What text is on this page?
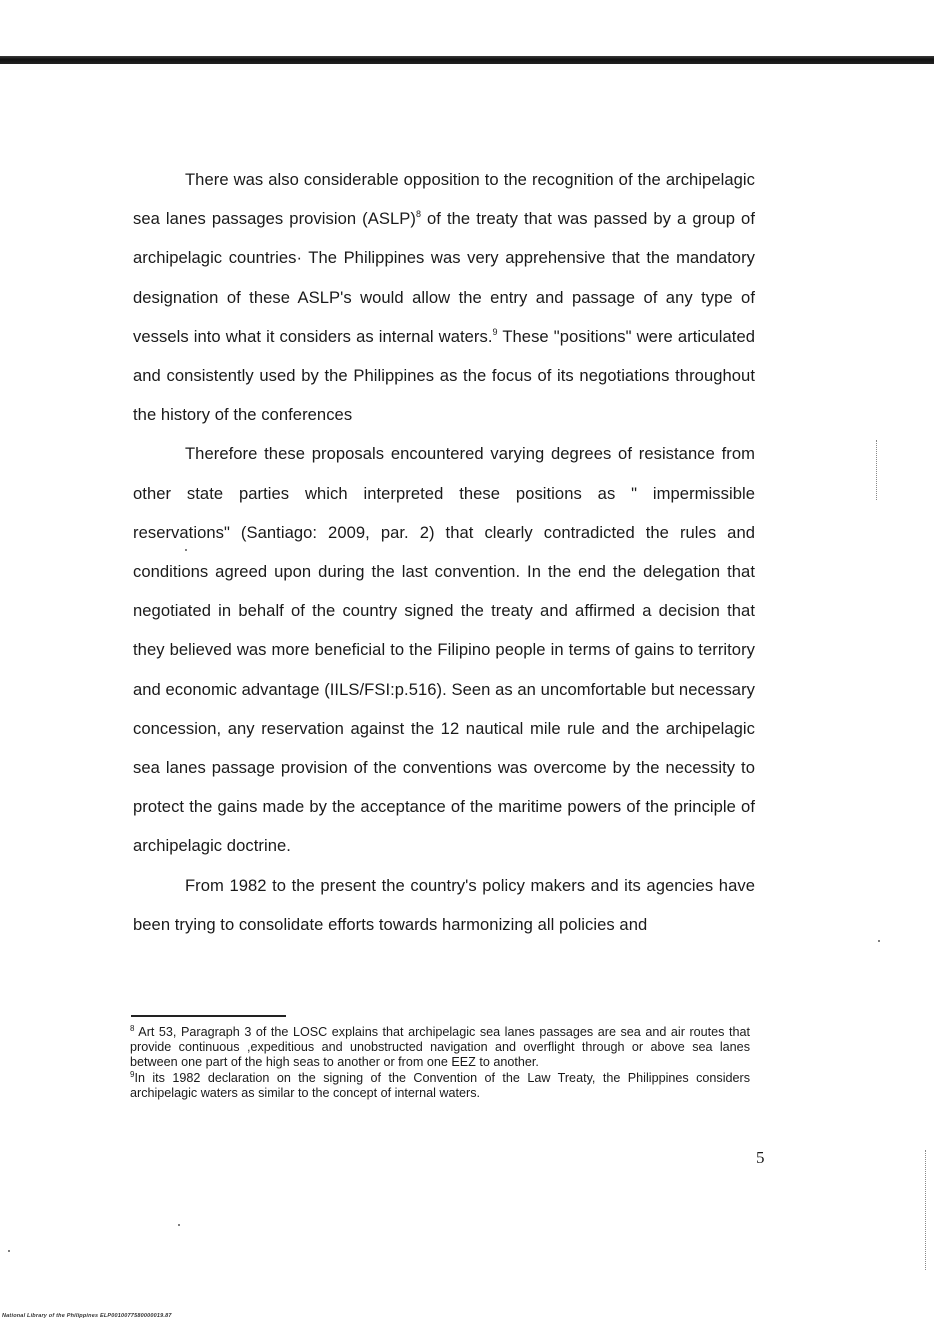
There was also considerable opposition to the recognition of the archipelagic sea lanes passages provision (ASLP)$^8$ of the treaty that was passed by a group of archipelagic countries· The Philippines was very apprehensive that the mandatory designation of these ASLP's would allow the entry and passage of any type of vessels into what it considers as internal waters.$^9$ These "positions" were articulated and consistently used by the Philippines as the focus of its negotiations throughout the history of the conferences

Therefore these proposals encountered varying degrees of resistance from other state parties which interpreted these positions as " impermissible reservations" (Santiago: 2009, par. 2) that clearly contradicted the rules and conditions agreed upon during the last convention. In the end the delegation that negotiated in behalf of the country signed the treaty and affirmed a decision that they believed was more beneficial to the Filipino people in terms of gains to territory and economic advantage (IILS/FSI:p.516). Seen as an uncomfortable but necessary concession, any reservation against the 12 nautical mile rule and the archipelagic sea lanes passage provision of the conventions was overcome by the necessity to protect the gains made by the acceptance of the maritime powers of the principle of archipelagic doctrine.

From 1982 to the present the country's policy makers and its agencies have been trying to consolidate efforts towards harmonizing all policies and

$^8$ Art 53, Paragraph 3 of the LOSC explains that archipelagic sea lanes passages are sea and air routes that provide continuous ,expeditious and unobstructed navigation and overflight through or above sea lanes between one part of the high seas to another or from one EEZ to another.

$^9$In its 1982 declaration on the signing of the Convention of the Law Treaty, the Philippines considers archipelagic waters as similar to the concept of internal waters.

5
National Library of the Philippines ELP0010077580000019.87
